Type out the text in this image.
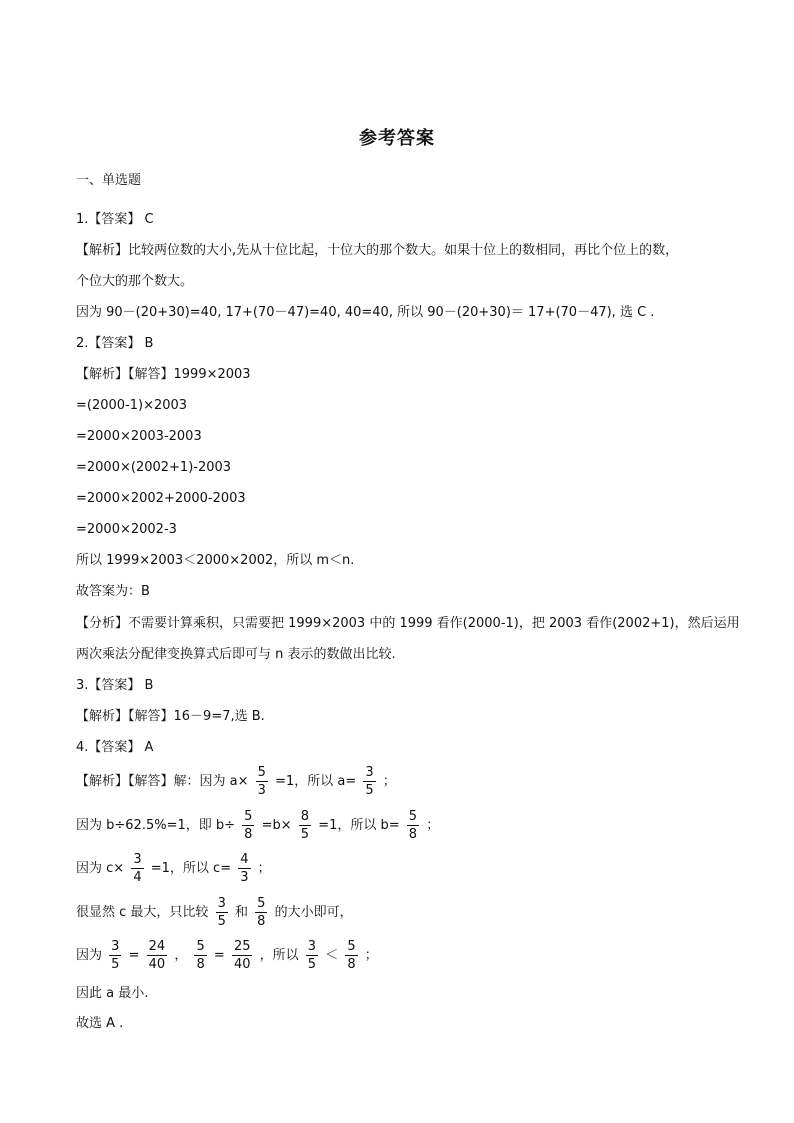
参考答案
一、单选题
1.【答案】 C
【解析】比较两位数的大小,先从十位比起，十位大的那个数大。如果十位上的数相同，再比个位上的数，
个位大的那个数大。
因为 90－(20+30)=40, 17+(70－47)=40, 40=40, 所以 90－(20+30)＝ 17+(70－47), 选 C .
2.【答案】 B
【解析】【解答】1999×2003
=(2000-1)×2003
=2000×2003-2003
=2000×(2002+1)-2003
=2000×2002+2000-2003
=2000×2002-3
所以 1999×2003＜2000×2002，所以 m＜n.
故答案为：B
【分析】不需要计算乘积，只需要把 1999×2003 中的 1999 看作(2000-1)，把 2003 看作(2002+1)，然后运用
两次乘法分配律变换算式后即可与 n 表示的数做出比较.
3.【答案】 B
【解析】【解答】16－9=7,选 B.
4.【答案】 A
【解析】【解答】解：因为 $a\times \frac{5}{3} =1$，所以 $a= \frac{3}{5}$ ；
因为 b÷62.5%=1，即 $b\div \frac{5}{8} =b\times \frac{8}{5} =1$，所以 $b= \frac{5}{8}$ ；
因为 $c\times \frac{3}{4} =1$，所以 $c= \frac{4}{3}$ ；
很显然 c 最大，只比较 $\frac{3}{5}$ 和 $\frac{5}{8}$ 的大小即可，
因为 $\frac{3}{5} = \frac{24}{40}$ ， $\frac{5}{8} = \frac{25}{40}$ ，所以 $\frac{3}{5} < \frac{5}{8}$ ；
因此 a 最小.
故选 A .
